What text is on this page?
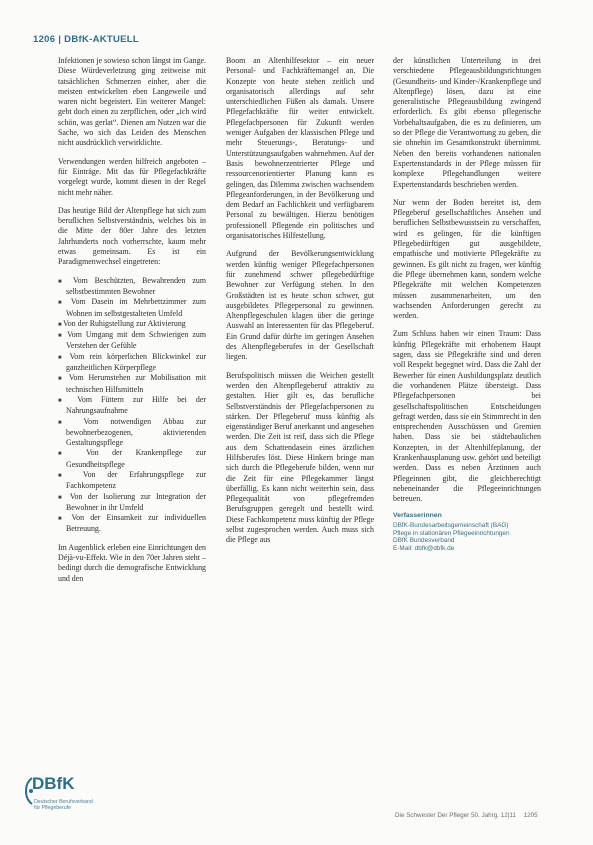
1206 | DBfK-AKTUELL

Infektionen je sowieso schon längst im Gange. Diese Würdeverletzung ging zeitweise mit tatsächlichen Schmerzen einher, aber die meisten entwickelten eben Langeweile und waren nicht begeistert. Ein weiterer Mangel: gebt doch einen zu zerpflichen, oder „ich wird schön, was gerlat“. Dienen am Nutzen war die Sache, wo sich das Leiden des Menschen nicht ausdrücklich verwirklichte.

Verwendungen werden hilfreich angeboten – für Einträge. Mit das für Pflegefachkräfte vorgelegt wurde, kommt diesen in der Regel nicht mehr näher.

Das heutige Bild der Altenpflege hat sich zum beruflichen Selbstverständnis, welches bis in die Mitte der 80er Jahre des letzten Jahrhunderts noch vorherrschte, kaum mehr etwas gemeinsam. Es ist ein Paradigmenwechsel eingetreten:

■ Vom Beschützten, Bewahrenden zum selbstbestimmten Bewohner
■ Vom Dasein im Mehrbettzimmer zum Wohnen im selbstgestalteten Umfeld
■ Von der Ruhigstellung zur Aktivierung
■ Vom Umgang mit dem Schwierigen zum Verstehen der Gefühle
■ Vom rein körperlichen Blickwinkel zur ganzheitlichen Körperpflege
■ Vom Herumstehen zur Mobilisation mit technischen Hilfsmitteln
■ Vom Füttern zur Hilfe bei der Nahrungsaufnahme
■ Vom notwendigen Abbau zur bewohnerbezogenen, aktivierenden Gestaltungspflege
■ Von der Krankenpflege zur Gesundheitspflege
■ Von der Erfahrungspflege zur Fachkompetenz
■ Von der Isolierung zur Integration der Bewohner in ihr Umfeld
■ Von der Einsamkeit zur individuellen Betreuung.

Im Augenblick erleben eine Einrichtungen den Déjà-vu-Effekt. Wie in den 70er Jahren steht – bedingt durch die demografische Entwicklung und den

Boom an Altenhilfesektor – ein neuer Personal- und Fachkräftemangel an. Die Konzepte von heute stehen zeitlich und organisatorisch allerdings auf sehr unterschiedlichen Füßen als damals. Unsere Pflegefachkräfte für weiter entwickelt. Pflegefachpersonen für Zukunft werden weniger Aufgaben der klassischen Pflege und mehr Steuerungs-, Beratungs- und Unterstützungsaufgaben wahrnehmen. Auf der Basis bewohnerzentrierter Pflege und ressourcenorientierter Planung kann es gelingen, das Dilemma zwischen wachsendem Pflegeanforderungen, in der Bevölkerung und dem Bedarf an Fachlichkeit und verfügbarem Personal zu bewältigen. Hierzu benötigen professionell Pflegende ein politisches und organisatorisches Hilfestellung.

Aufgrund der Bevölkerungsentwicklung werden künftig weniger Pflegefachpersonen für zunehmend schwer pflegebedürftige Bewohner zur Verfügung stehen. In den Großstädten ist es heute schon schwer, gut ausgebildetes Pflegepersonal zu gewinnen. Altenpflegeschulen klagen über die geringe Auswahl an Interessenten für das Pflegeberuf. Ein Grund dafür dürfte im geringen Ansehen des Altenpflegeberufes in der Gesellschaft liegen.

Berufspolitisch müssen die Weichen gestellt werden den Altenpflegeberuf attraktiv zu gestalten. Hier gilt es, das berufliche Selbstverständnis der Pflegefachpersonen zu stärken. Der Pflegeberuf muss künftig als eigenständiger Beruf anerkannt und angesehen werden. Die Zeit ist reif, dass sich die Pflege aus dem Schattendasein eines ärztlichen Hilfsberufes löst. Diese Hinkern bringe man sich durch die Pflegeberufe bilden, wenn nur die Zeit für eine Pflegekammer längst überfällig. Es kann nicht weiterhin sein, dass Pflegequalität von pflegefremden Berufsgruppen geregelt und bestellt wird. Diese Fachkompetenz muss künftig der Pflege selbst zugesprochen werden. Auch muss sich die Pflege aus

der künstlichen Unterteilung in drei verschiedene Pflegeausbildungsrichtungen (Gesundheits- und Kinder-/Krankenpflege und Altenpflege) lösen, dazu ist eine generalistische Pflegeausbildung zwingend erforderlich. Es gibt ebenso pflegerische Vorbehaltsaufgaben, die es zu definieren, um so der Pflege die Verantwortung zu geben, die sie ohnehin im Gesamtkonstrukt übernimmt. Neben den bereits vorhandenen nationalen Expertenstandards in der Pflege müssen für komplexe Pflegehandlungen weitere Expertenstandards beschrieben werden.

Nur wenn der Boden bereitet ist, dem Pflegeberuf gesellschaftliches Ansehen und beruflichen Selbstbewusstsein zu verschaffen, wird es gelingen, für die künftigen Pflegebedürftigen gut ausgebildete, empathische und motivierte Pflegekräfte zu gewinnen. Es gilt nicht zu fragen, wer künftig die Pflege übernehmen kann, sondern welche Pflegekräfte mit welchen Kompetenzen müssen zusammenarbeiten, um den wachsenden Anforderungen gerecht zu werden.

Zum Schluss haben wir einen Traum: Dass künftig Pflegekräfte mit erhobenem Haupt sagen, dass sie Pflegekräfte sind und deren voll Respekt begegnet wird. Dass die Zahl der Bewerber für einen Ausbildungsplatz deutlich die vorhandenen Plätze übersteigt. Dass Pflegefachpersonen bei gesellschaftspolitischen Entscheidungen gefragt werden, dass sie ein Stimmrecht in den entsprechenden Ausschüssen und Gremien haben. Dass sie bei städtebaulichen Konzepten, in der Altenhilfeplanung, der Krankenhausplanung usw. gehört und beteiligt werden. Dass es neben Ärztinnen auch Pflegeinnen gibt, die gleichberechtigt nebeneinander die Pflegeeinrichtungen betreuen.

Verfasserinnen
DBfK-Bundesarbeitsgemeinschaft (BAG)
Pflege in stationären Pflegeeinrichtungen
DBfK Bundesverband
E-Mail: dbfk@dbfk.de
DBfK
Deutscher Berufsverband
für Pflegeberufe
Die Schwester Der Pfleger 50. Jahrg. 12|11 1205
